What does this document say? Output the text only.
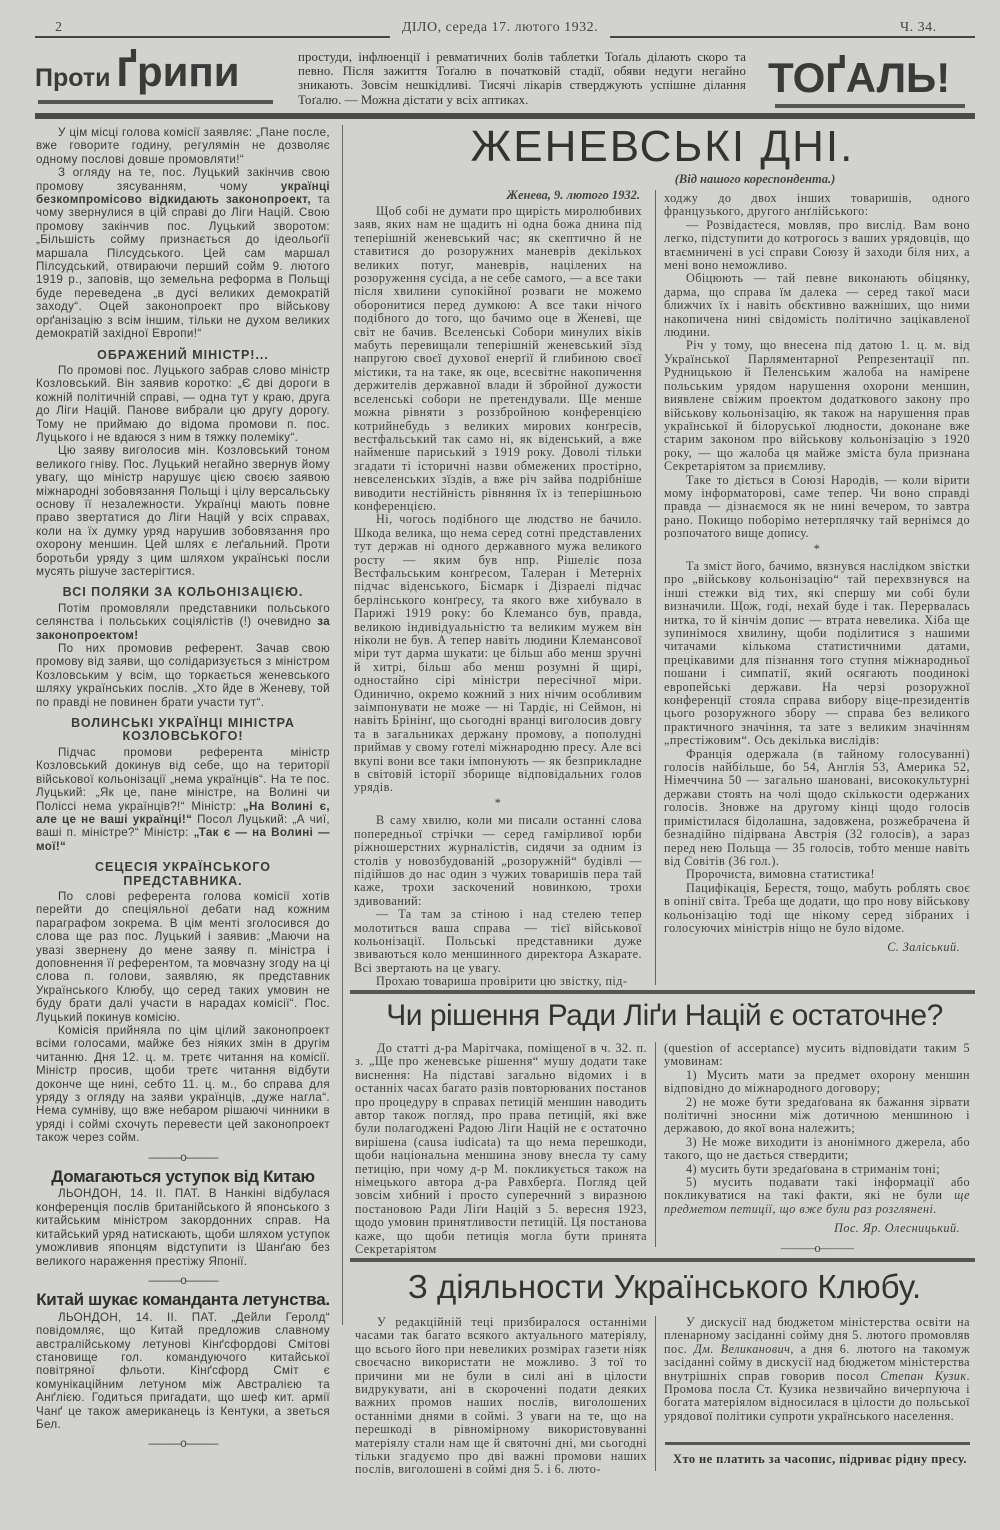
2	ДІЛО, середа 17. лютого 1932.	Ч. 34.
Проти Ґрипи	простуди, інфлюенції і ревматичних болів таблетки Тоґаль ділають скоро та певно. Після зажиття Тоґалю в початковій стадії, обяви недуги негайно зникають. Зовсім нешкідливі. Тисячі лікарів стверджують успішне ділання Тоґалю. — Можна дістати у всіх аптиках.	ТОҐАЛЬ!

У цім місці голова комісії заявляє: „Пане после, вже говорите годину, регулямін не дозволяє одному послові довше промовляти!“

З огляду на те, пос. Луцький закінчив свою промову зясуванням, чому українці безкомпромісово відкидають законопроект, та чому звернулися в цій справі до Ліги Націй. Свою промову закінчив пос. Луцький зворотом: „Більшість сойму признається до ідеольоґії маршала Пілсудського. Цей сам маршал Пілсудський, отвираючи перший сойм 9. лютого 1919 р., заповів, що земельна реформа в Польщі буде переведена „в дусі великих демократій заходу“. Оцей законопроект про військову орґанізацію з всім іншим, тільки не духом великих демократій західної Европи!“

ОБРАЖЕНИЙ МІНІСТР!...

По промові пос. Луцького забрав слово міністр Козловський. Він заявив коротко: „Є дві дороги в кожній політичній справі, — одна тут у краю, друга до Ліги Націй. Панове вибрали цю другу дорогу. Тому не приймаю до відома промови п. пос. Луцького і не вдаюся з ним в тяжку полеміку“.

Цю заяву виголосив мін. Козловський тоном великого гніву. Пос. Луцький негайно звернув йому увагу, що міністр нарушує цією своєю заявою міжнародні зобовязання Польщі і цілу версальську основу її незалежности. Українці мають повне право звертатися до Ліги Націй у всіх справах, коли на їх думку уряд нарушив зобовязання про охорону меншин. Цей шлях є леґальний. Проти боротьби уряду з цим шляхом українські посли мусять рішуче застерігтися.

ВСІ ПОЛЯКИ ЗА КОЛЬОНІЗАЦІЄЮ.

Потім промовляли представники польського селянства і польських соціялістів (!) очевидно за законопроектом!

По них промовив референт. Зачав свою промову від заяви, що солідаризується з міністром Козловським у всім, що торкається женевського шляху українських послів. „Хто йде в Женеву, той по правді не повинен брати участи тут“.

ВОЛИНСЬКІ УКРАЇНЦІ МІНІСТРА КОЗЛОВСЬКОГО!

Підчас промови референта міністр Козловський докинув від себе, що на території військової кольонізації „нема українців“. На те пос. Луцький: „Як це, пане міністре, на Волині чи Поліссі нема українців?!“ Міністр: „На Волині є, але це не ваші українці!“ Посол Луцький: „А чиї, ваші п. міністре?“ Міністр: „Так є — на Волині — мої!“

СЕЦЕСІЯ УКРАЇНСЬКОГО ПРЕДСТАВНИКА.

По слові референта голова комісії хотів перейти до спеціяльної дебати над кожним параграфом зокрема. В цім менті зголосився до слова ще раз пос. Луцький і заявив: „Маючи на увазі звернену до мене заяву п. міністра і доповнення її референтом, та мовчазну згоду на ці слова п. голови, заявляю, як представник Українського Клюбу, що серед таких умовин не буду брати далі участи в нарадах комісії“. Пос. Луцький покинув комісію.

Комісія прийняла по цім цілий законопроект всіми голосами, майже без ніяких змін в другім читанню. Дня 12. ц. м. третє читання на комісії. Міністр просив, щоби третє читання відбути доконче ще нині, себто 11. ц. м., бо справа для уряду з огляду на заяви українців, „дуже нагла“. Нема сумніву, що вже небаром рішаючі чинники в уряді і соймі схочуть перевести цей законопроект також через сойм.

———o———
Домагаються уступок від Китаю

ЛЬОНДОН, 14. II. ПАТ. В Нанкіні відбулася конференція послів британійського й японського з китайським міністром закордонних справ. На китайський уряд натискають, щоби шляхом уступок уможливив японцям відступити із Шанґаю без великого нараження престіжу Японії.

———o———
Китай шукає команданта летунства.

ЛЬОНДОН, 14. II. ПАТ. „Дейли Геролд“ повідомляє, що Китай предложив славному австралійському летунові Кінґсфордові Смітові становище гол. командуючого китайської повітряної фльоти. Кінґсфорд Сміт є комунікаційним летуном між Австралією та Анґлією. Годиться пригадати, що шеф кит. армії Чанґ це також американець із Кентуки, а зветься Бел.

———o———
ЖЕНЕВСЬКІ ДНІ.
(Від нашого кореспондента.)
Женева, 9. лютого 1932.

Щоб собі не думати про щирість миролюбивих заяв, яких нам не щадить ні одна божа днина під теперішній женевський час; як скептично й не ставитися до розоружних маневрів декількох великих потуг, маневрів, націлених на розоруження сусіда, а не себе самого, — а все таки після хвилини супокійної розваги не можемо оборонитися перед думкою: А все таки нічого подібного до того, що бачимо оце в Женеві, ще світ не бачив. Вселенські Собори минулих віків мабуть перевищали теперішній женевський зїзд напругою своєї духової енерґії й глибиною своєї містики, та на таке, як оце, всесвітнє накопичення держителів державної влади й збройної дужости вселенські собори не претендували. Ще менше можна рівняти з роззбройною конференцією котрийнебудь з великих мирових конґресів, вестфальський так само ні, як віденський, а вже найменше париський з 1919 року. Доволі тільки згадати ті історичні назви обмежених простірно, невселенських зїздів, а вже річ зайва подрібніше виводити нестійність рівняння їх із теперішньою конференцією.

Ні, чогось подібного ще людство не бачило. Шкода велика, що нема серед сотні представлених тут держав ні одного державного мужа великого росту — яким був нпр. Рішеліє поза Вестфальським конґресом, Талеран і Метерніх підчас віденського, Бісмарк і Дізраелі підчас берлінського конґресу, та якого вже хибувало в Парижі 1919 року: бо Клемансо був, правда, великою індивідуальністю та великим мужем він ніколи не був. А тепер навіть людини Клемансової міри тут дарма шукати: це більш або менш зручні й хитрі, більш або менш розумні й щирі, одностайно сірі міністри пересічної міри. Одинично, окремо кожний з них нічим особливим заімпонувати не може — ні Тардіє, ні Сеймон, ні навіть Брінінґ, що сьогодні вранці виголосив довгу та в загальниках держану промову, а пополудні приймав у свому готелі міжнародню пресу. Але всі вкупі вони все таки імпонують — як безприкладне в світовій історії зборище відповідальних голов урядів.

*

В саму хвилю, коли ми писали останні слова попередньої стрічки — серед гамірливої юрби ріжношерстних журналістів, сидячи за одним із столів у новозбудованій „розоружній“ будівлі — підійшов до нас один з чужих товаришів пера тай каже, трохи заскочений новинкою, трохи здивований:

— Та там за стіною і над стелею тепер молотиться ваша справа — тієї військової кольонізації. Польські представники дуже звиваються коло меншинного директора Азкарате. Всі звертають на це увагу.

Прохаю товариша провірити цю звістку, під-

ходжу до двох інших товаришів, одного французького, другого анґлійського:

— Розвідаєтеся, мовляв, про вислід. Вам воно легко, підступити до котрогось з ваших урядовців, що втаємничені в усі справи Союзу й заходи біля них, а мені воно неможливо.

Обіцюють — тай певне виконають обіцянку, дарма, що справа їм далека — серед такої маси ближчих їх і навіть обєктивно важніших, що ними накопичена нині свідомість політично зацікавленої людини.

Річ у тому, що внесена під датою 1. ц. м. від Української Парляментарної Репрезентації пп. Рудницькою й Пеленським жалоба на намірене польським урядом нарушення охорони меншин, виявлене свіжим проектом додаткового закону про військову кольонізацію, як також на нарушення прав української й білоруської людности, доконане вже старим законом про військову кольонізацію з 1920 року, — що жалоба ця майже зміста була признана Секретаріятом за приємливу.

Таке то діється в Союзі Народів, — коли вірити мому інформаторові, саме тепер. Чи воно справді правда — дізнаємося як не нині вечером, то завтра рано. Покищо поборімо нетерплячку тай вернімся до розпочатого вище допису.

*

Та зміст його, бачимо, вязнувся наслідком звістки про „військову кольонізацію“ тай перехвзнувся на інші стежки від тих, які спершу ми собі були визначили. Щож, годі, нехай буде і так. Перервалась нитка, то й кінчім допис — втрата невелика. Хіба ще зупинімося хвилину, щоби поділитися з нашими читачами кількома статистичними датами, прецікавими для пізнання того ступня міжнародньої пошани і симпатії, який осягають поодинокі европейські держави. На черзі розоружної конференції стояла справа вибору віце-президентів цього розоружного збору — справа без великого практичного значіння, та зате з великим значінням „престіжовим“. Ось декілька вислідів:

Франція одержала (в тайному голосуванні) голосів найбільше, бо 54, Англія 53, Америка 52, Німеччина 50 — загально шановані, висококультурні держави стоять на чолі щодо скількости одержаних голосів. Зновже на другому кінці щодо голосів примістилася бідолашна, задовжена, розжебрачена й безнадійно підірвана Австрія (32 голосів), а зараз перед нею Польща — 35 голосів, тобто менше навіть від Совітів (36 гол.).

Пророчиста, вимовна статистика!

Пацифікація, Берестя, тощо, мабуть роблять своє в опінії світа. Треба ще додати, що про нову військову кольонізацію тоді ще нікому серед зібраних і голосуючих міністрів ніщо не було відоме.

С. Заліський.
Чи рішення Ради Ліґи Націй є остаточне?

До статті д-ра Марітчака, поміщеної в ч. 32. п. з. „Ще про женевське рішення“ мушу додати таке виснення: На підставі загально відомих і в останніх часах багато разів повторюваних постанов про процедуру в справах петицій меншин наводить автор також погляд, про права петицій, які вже були полагоджені Радою Ліґи Націй не є остаточно вирішена (causa iudicata) та що нема перешкоди, щоби національна меншина знову внесла ту саму петицію, при чому д-р М. покликується також на німецького автора д-ра Равхберґа. Погляд цей зовсім хибний і просто суперечний з виразною постановою Ради Ліґи Націй з 5. вересня 1923, щодо умовин принятливости петицій. Ця постанова каже, що щоби петиція могла бути принята Секретаріятом

(question of acceptance) мусить відповідати таким 5 умовинам:

1) Мусить мати за предмет охорону меншин відповідно до міжнародного договору;

2) не може бути зредаґована як бажання зірвати політичні зносини між дотичною меншиною і державою, до якої вона належить;

3) Не може виходити із анонімного джерела, або такого, що не дається ствердити;

4) мусить бути зредаґована в стриманім тоні;

5) мусить подавати такі інформації або покликуватися на такі факти, які не були ще предметом петиції, що вже були раз розглянені.

Пос. Яр. Олесницький.
———o———
З діяльности Українського Клюбу.

У редакційній теці призбиралося останніми часами так багато всякого актуального матеріялу, що всього його при невеликих розмірах газети ніяк своєчасно використати не можливо. З тої то причини ми не були в силі ані в цілости видрукувати, ані в скороченні подати деяких важних промов наших послів, виголошених останніми днями в соймі. З уваги на те, що на перешкоді в рівномірному використовуванні матеріялу стали нам ще й святочні дні, ми сьогодні тільки згадуємо про дві важні промови наших послів, виголошені в соймі дня 5. і 6. люто-

У дискусії над бюджетом міністерства освіти на пленарному засіданні сойму дня 5. лютого промовляв пос. Дм. Великанович, а дня 6. лютого на такомуж засіданні сойму в дискусії над бюджетом міністерства внутрішніх справ говорив посол Степан Кузик. Промова посла Ст. Кузика незвичайно вичерпуюча і богата матеріялом відносилася в цілости до польської урядової політики супроти українського населення.

Хто не платить за часопис, підриває рідну пресу.
